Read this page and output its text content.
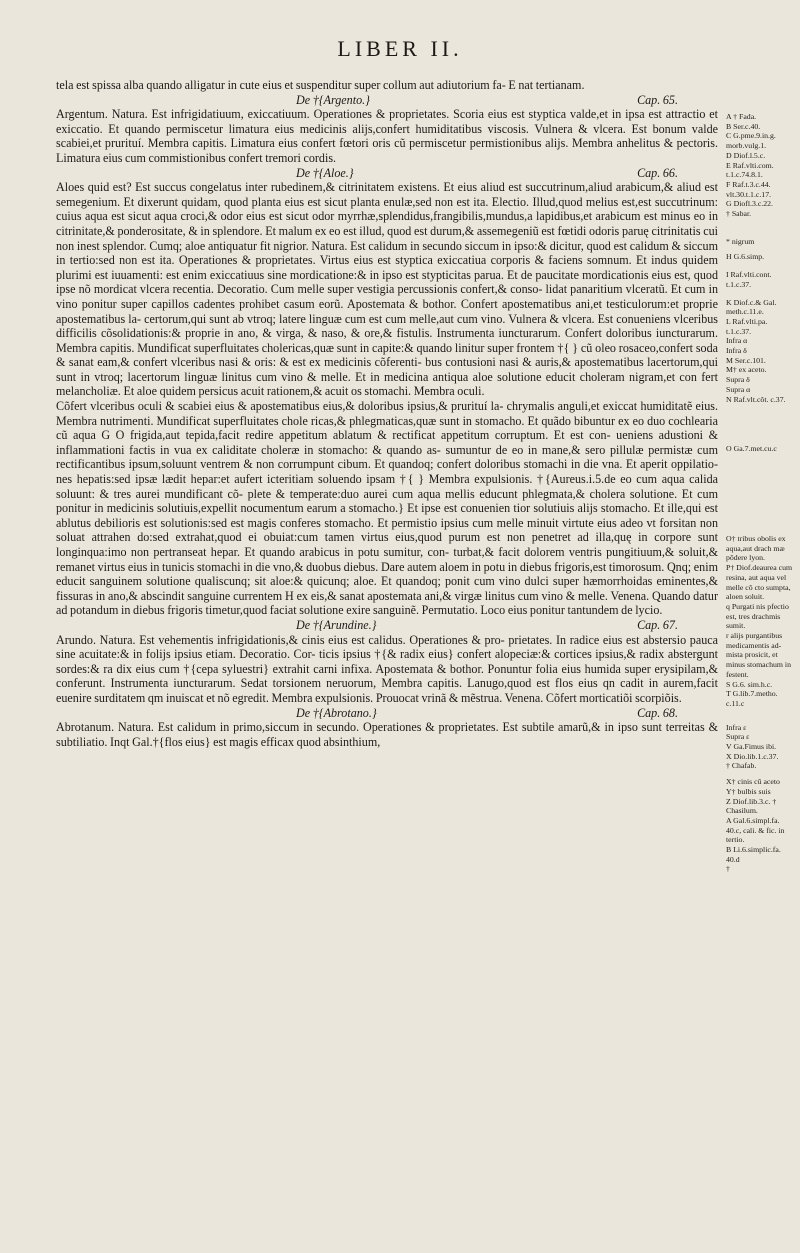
LIBER II.

tela est spissa alba quando alligatur in cute eius et suspenditur super collum aut adiutorium fa- E nat tertianam.

De †{Argento.}	Cap. 65.

Argentum. Natura. Est infrigidatiuum, exiccatiuum. Operationes & proprietates. Scoria eius est styptica valde,et in ipsa est attractio et exiccatio. Et quando permiscetur limatura eius medicinis alijs,confert humiditatibus viscosis. Vulnera & vlcera. Est bonum valde scabiei,et prurituí. Membra capitis. Limatura eius confert fœtori oris cũ permiscetur permistionibus alijs. Membra anhelitus & pectoris. Limatura eius cum commistionibus confert tremori cordis.

De †{Aloe.}	Cap. 66.

Aloes quid est? Est succus congelatus inter rubedinem,& citrinitatem existens. Et eius aliud est succutrinum,aliud arabicum,& aliud est semegenium. Et dixerunt quidam, quod planta eius est sicut planta enulæ,sed non est ita. Electio. Illud,quod melius est,est succutrinum: cuius aqua est sicut aqua croci,& odor eius est sicut odor myrrhæ,splendidus,frangibilis,mundus,a lapidibus,et arabicum est minus eo in citrinitate,& ponderositate, & in splendore. Et malum ex eo est illud, quod est durum,& assemegeniũ est fœtidi odoris paruę citrinitatis cui non inest splendor. Cumq; aloe antiquatur fit nigrior. Natura. Est calidum in secundo siccum in ipso:& dicitur, quod est calidum & siccum in tertio:sed non est ita. Operationes & proprietates. Virtus eius est styptica exiccatiua corporis & faciens somnum. Et indus quidem plurimi est iuuamenti: est enim exiccatiuus sine mordicatione:& in ipso est stypticitas parua. Et de paucitate mordicationis eius est, quod ipse nõ mordicat vlcera recentia. Decoratio. Cum melle super vestigia percussionis confert,& conso- lidat panaritium vlceratũ. Et cum in vino ponitur super capillos cadentes prohibet casum eorũ. Apostemata & bothor. Confert apostematibus ani,et testiculorum:et proprie apostematibus la- certorum,qui sunt ab vtroq; latere linguæ cum est cum melle,aut cum vino. Vulnera & vlcera. Est conueniens vlceribus difficilis cõsolidationis:& proprie in ano, & virga, & naso, & ore,& fistulis. Instrumenta iuncturarum. Confert doloribus iuncturarum. Membra capitis. Mundificat superfluitates cholericas,quæ sunt in capite:& quando linitur super frontem †{ } cũ oleo rosaceo,confert soda & sanat eam,& confert vlceribus nasi & oris: & est ex medicinis cõferenti- bus contusioni nasi & auris,& apostematibus lacertorum,qui sunt in vtroq; lacertorum linguæ linitus cum vino & melle. Et in medicina antiqua aloe solutione educit choleram nigram,et con fert melancholiæ. Et aloe quidem persicus acuit rationem,& acuit os stomachi. Membra oculi.

Cõfert vlceribus oculi & scabiei eius & apostematibus eius,& doloribus ipsius,& prurituí la- chrymalis anguli,et exiccat humiditatẽ eius. Membra nutrimenti. Mundificat superfluitates chole ricas,& phlegmaticas,quæ sunt in stomacho. Et quãdo bibuntur ex eo duo cochlearia cũ aqua G O frigida,aut tepida,facit redire appetitum ablatum & rectificat appetitum corruptum. Et est con- ueniens adustioni & inflammationi factis in vua ex caliditate choleræ in stomacho: & quando as- sumuntur de eo in mane,& sero pillulæ permistæ cum rectificantibus ipsum,soluunt ventrem & non corrumpunt cibum. Et quandoq; confert doloribus stomachi in die vna. Et aperit oppilatio- nes hepatis:sed ipsæ lædit hepar:et aufert icteritiam soluendo ipsam †{ } Membra expulsionis. †{Aureus.i.5.de eo cum aqua calida soluunt: & tres aurei mundificant cõ- plete & temperate:duo aurei cum aqua mellis educunt phlegmata,& cholera solutione. Et cum ponitur in medicinis solutiuis,expellit nocumentum earum a stomacho.} Et ipse est conuenien tior solutiuis alijs stomacho. Et ille,qui est ablutus debilioris est solutionis:sed est magis conferes stomacho. Et permistio ipsius cum melle minuit virtute eius adeo vt forsitan non soluat attrahen do:sed extrahat,quod ei obuiat:cum tamen virtus eius,quod purum est non penetret ad illa,quę in corpore sunt longinqua:imo non pertranseat hepar. Et quando arabicus in potu sumitur, con- turbat,& facit dolorem ventris pungitiuum,& soluit,& remanet virtus eius in tunicis stomachi in die vno,& duobus diebus. Dare autem aloem in potu in diebus frigoris,est timorosum. Qnq; enim educit sanguinem solutione qualiscunq; sit aloe:& quicunq; aloe. Et quandoq; ponit cum vino dulci super hæmorrhoidas eminentes,& fissuras in ano,& abscindit sanguine currentem H ex eis,& sanat apostemata ani,& virgæ linitus cum vino & melle. Venena. Quando datur ad potandum in diebus frigoris timetur,quod faciat solutione exire sanguinẽ. Permutatio. Loco eius ponitur tantundem de lycio.

De †{Arundine.}	Cap. 67.

Arundo. Natura. Est vehementis infrigidationis,& cinis eius est calidus. Operationes & pro- prietates. In radice eius est abstersio pauca sine acuitate:& in folijs ipsius etiam. Decoratio. Cor- ticis ipsius †{& radix eius} confert alopeciæ:& cortices ipsius,& radix abstergunt sordes:& ra dix eius cum †{cepa syluestri} extrahit carni infixa. Apostemata & bothor. Ponuntur folia eius humida super erysipilam,& conferunt. Instrumenta iuncturarum. Sedat torsionem neruorum, Membra capitis. Lanugo,quod est flos eius qn cadit in aurem,facit euenire surditatem qm inuiscat et nõ egredit. Membra expulsionis. Prouocat vrinã & mẽstrua. Venena. Cõfert morticatiõi scorpiõis.

De †{Abrotano.}	Cap. 68.

Abrotanum. Natura. Est calidum in primo,siccum in secundo. Operationes & proprietates. Est subtile amarũ,& in ipso sunt terreitas & subtiliatio. Inqt Gal.†{flos eius} est magis efficax quod absinthium,

A † Fada.
B Ser.c.40.
C G.pme.9.in.g. morb.vulg.1.
D Diof.l.5.c.
E Raf.vlti.com. t.1.c.74.8.1.
F Raf.t.3.c.44.
vlt.30.t.1.c.17.
G Diofl.3.c.22.
† Sabar.
* nigrum
H G.6.simp.
I Raf.vlti.cont. t.1.c.37.
K Diof.c.& Gal. meth.c.11.e.
L Raf.vlti.pa. t.1.c.37.
Infra α
Infra δ
M Ser.c.101.
M† ex aceto.
Supra δ
Supra α
N Raf.vlt.cõt. c.37.
O Ga.7.met.cu.c
O† tribus obolis ex aqua,aut drach mæ põdere lyon.
P† Diof.deaurea cum resina, aut aqua vel melle cõ cto sumpta, aloen soluit.
q Purgati nis pfectio est, tres drachmis sumit.
r alijs purgantibus medicamentis ad- mista prosicit, et minus stomachum in festent.
S G.6. sim.h.c.
T G.lib.7.metho. c.11.c
Infra ε
Supra ε
V Ga.Fimus ibi.
X Dio.lib.1.c.37.
† Chafab.
X† cinis cũ aceto
Y† bulbis suis
Z Diof.lib.3.c. † Chasilum.
A Gal.6.simpl.fa. 40.c, cali. & fic. in tertio.
B Li.6.simplic.fa. 40.d
†
